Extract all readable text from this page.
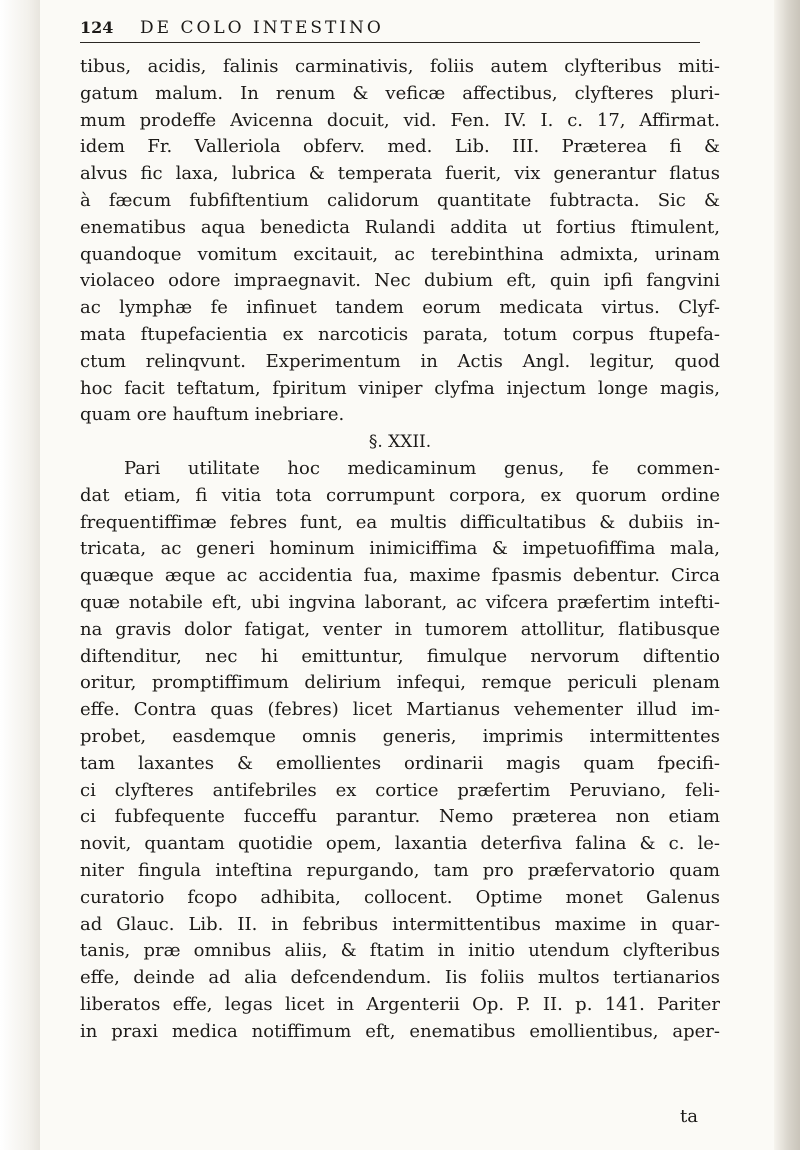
124 DE COLO INTESTINO
tibus, acidis, falinis carminativis, foliis autem clyfteribus miti-
gatum malum. In renum & veficæ affectibus, clyfteres pluri-
mum prodeffe Avicenna docuit, vid. Fen. IV. I. c. 17, Affirmat.
idem Fr. Valleriola obferv. med. Lib. III. Præterea fi &
alvus fic laxa, lubrica & temperata fuerit, vix generantur flatus
à fæcum fubfiftentium calidorum quantitate fubtracta. Sic &
enematibus aqua benedicta Rulandi addita ut fortius ftimulent,
quandoque vomitum excitauit, ac terebinthina admixta, urinam
violaceo odore impraegnavit. Nec dubium eft, quin ipfi fangvini
ac lymphæ fe infinuet tandem eorum medicata virtus. Clyf-
mata ftupefacientia ex narcoticis parata, totum corpus ftupefa-
ctum relinqvunt. Experimentum in Actis Angl. legitur, quod
hoc facit teftatum, fpiritum viniper clyfma injectum longe magis,
quam ore hauftum inebriare.
§. XXII.
Pari utilitate hoc medicaminum genus, fe commen-
dat etiam, fi vitia tota corrumpunt corpora, ex quorum ordine
frequentiffimæ febres funt, ea multis difficultatibus & dubiis in-
tricata, ac generi hominum inimiciffima & impetuofiffima mala,
quæque æque ac accidentia fua, maxime fpasmis debentur. Circa
quæ notabile eft, ubi ingvina laborant, ac vifcera præfertim intefti-
na gravis dolor fatigat, venter in tumorem attollitur, flatibusque
diftenditur, nec hi emittuntur, fimulque nervorum diftentio
oritur, promptiffimum delirium infequi, remque periculi plenam
effe. Contra quas (febres) licet Martianus vehementer illud im-
probet, easdemque omnis generis, imprimis intermittentes
tam laxantes & emollientes ordinarii magis quam fpecifi-
ci clyfteres antifebriles ex cortice præfertim Peruviano, feli-
ci fubfequente fucceffu parantur. Nemo præterea non etiam
novit, quantam quotidie opem, laxantia deterfiva falina & c. le-
niter fingula inteftina repurgando, tam pro præfervatorio quam
curatorio fcopo adhibita, collocent. Optime monet Galenus
ad Glauc. Lib. II. in febribus intermittentibus maxime in quar-
tanis, præ omnibus aliis, & ftatim in initio utendum clyfteribus
effe, deinde ad alia defcendendum. Iis foliis multos tertianarios
liberatos effe, legas licet in Argenterii Op. P. II. p. 141. Pariter
in praxi medica notiffimum eft, enematibus emollientibus, aper-
ta
